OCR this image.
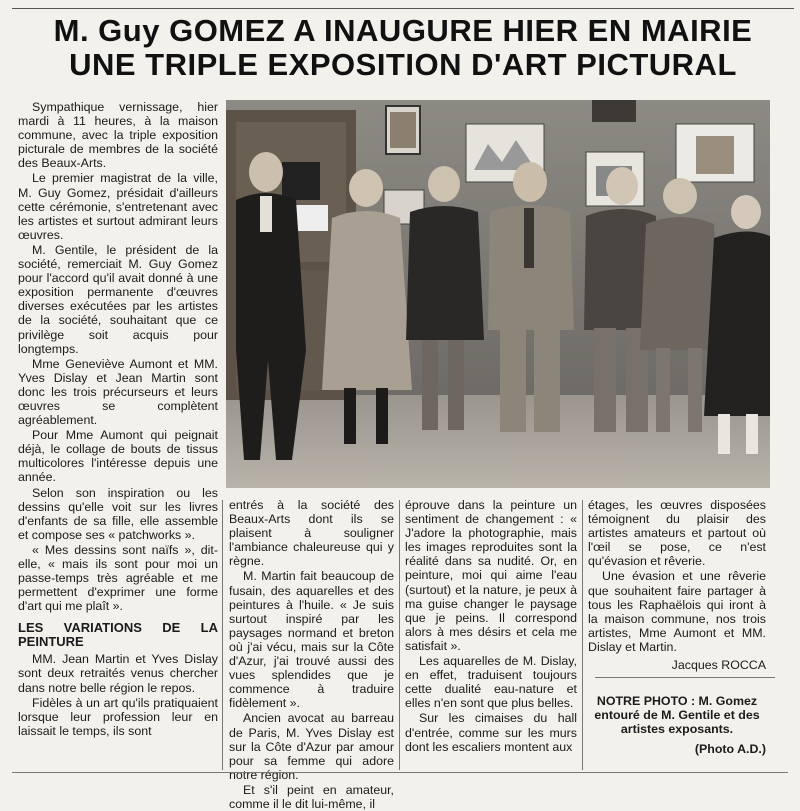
M. Guy GOMEZ A INAUGURE HIER EN MAIRIE
UNE TRIPLE EXPOSITION D'ART PICTURAL

Sympathique vernissage, hier mardi à 11 heures, à la maison commune, avec la triple exposition picturale de membres de la société des Beaux-Arts.

Le premier magistrat de la ville, M. Guy Gomez, présidait d'ailleurs cette cérémonie, s'entretenant avec les artistes et surtout admirant leurs œuvres.

M. Gentile, le président de la société, remerciait M. Guy Gomez pour l'accord qu'il avait donné à une exposition permanente d'œuvres diverses exécutées par les artistes de la société, souhaitant que ce privilège soit acquis pour longtemps.

Mme Geneviève Aumont et MM. Yves Dislay et Jean Martin sont donc les trois précurseurs et leurs œuvres se complètent agréablement.

Pour Mme Aumont qui peignait déjà, le collage de bouts de tissus multicolores l'intéresse depuis une année.

Selon son inspiration ou les dessins qu'elle voit sur les livres d'enfants de sa fille, elle assemble et compose ses « patchworks ».

« Mes dessins sont naïfs », dit-elle, « mais ils sont pour moi un passe-temps très agréable et me permettent d'exprimer une forme d'art qui me plaît ».

LES VARIATIONS DE LA PEINTURE

MM. Jean Martin et Yves Dislay sont deux retraités venus chercher dans notre belle région le repos.

Fidèles à un art qu'ils pratiquaient lorsque leur profession leur en laissait le temps, ils sont

entrés à la société des Beaux-Arts dont ils se plaisent à souligner l'ambiance chaleureuse qui y règne.

M. Martin fait beaucoup de fusain, des aquarelles et des peintures à l'huile. « Je suis surtout inspiré par les paysages normand et breton où j'ai vécu, mais sur la Côte d'Azur, j'ai trouvé aussi des vues splendides que je commence à traduire fidèlement ».

Ancien avocat au barreau de Paris, M. Yves Dislay est sur la Côte d'Azur par amour pour sa femme qui adore notre région.

Et s'il peint en amateur, comme il le dit lui-même, il

éprouve dans la peinture un sentiment de changement : « J'adore la photographie, mais les images reproduites sont la réalité dans sa nudité. Or, en peinture, moi qui aime l'eau (surtout) et la nature, je peux à ma guise changer le paysage que je peins. Il correspond alors à mes désirs et cela me satisfait ».

Les aquarelles de M. Dislay, en effet, traduisent toujours cette dualité eau-nature et elles n'en sont que plus belles.

Sur les cimaises du hall d'entrée, comme sur les murs dont les escaliers montent aux

étages, les œuvres disposées témoignent du plaisir des artistes amateurs et partout où l'œil se pose, ce n'est qu'évasion et rêverie.

Une évasion et une rêverie que souhaitent faire partager à tous les Raphaëlois qui iront à la maison commune, nos trois artistes, Mme Aumont et MM. Dislay et Martin.

Jacques ROCCA

NOTRE PHOTO : M. Gomez entouré de M. Gentile et des artistes exposants.

(Photo A.D.)
